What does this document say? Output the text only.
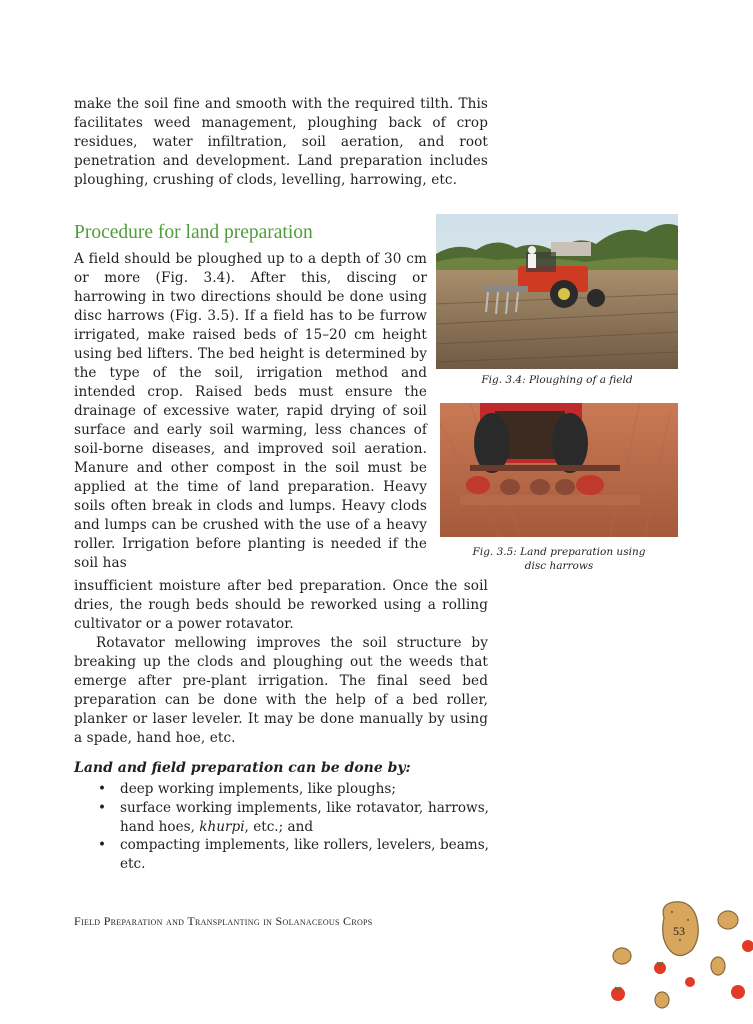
make the soil fine and smooth with the required tilth. This facilitates weed management, ploughing back of crop residues, water infiltration, soil aeration, and root penetration and development. Land preparation includes ploughing, crushing of clods, levelling, harrowing, etc.

Procedure for land preparation

A field should be ploughed up to a depth of 30 cm or more (Fig. 3.4). After this, discing or harrowing in two directions should be done using disc harrows (Fig. 3.5). If a field has to be furrow irrigated, make raised beds of 15–20 cm height using bed lifters. The bed height is determined by the type of the soil, irrigation method and intended crop. Raised beds must ensure the drainage of excessive water, rapid drying of soil surface and early soil warming, less chances of soil-borne diseases, and improved soil aeration. Manure and other compost in the soil must be applied at the time of land preparation. Heavy soils often break in clods and lumps. Heavy clods and lumps can be crushed with the use of a heavy roller. Irrigation before planting is needed if the soil has

insufficient moisture after bed preparation. Once the soil dries, the rough beds should be reworked using a rolling cultivator or a power rotavator.

Rotavator mellowing improves the soil structure by breaking up the clods and ploughing out the weeds that emerge after pre-plant irrigation. The final seed bed preparation can be done with the help of a bed roller, planker or laser leveler. It may be done manually by using a spade, hand hoe, etc.

Land and field preparation can be done by:

• deep working implements, like ploughs;
• surface working implements, like rotavator, harrows, hand hoes, khurpi, etc.; and
• compacting implements, like rollers, levelers, beams, etc.

Fig. 3.4: Ploughing of a field

Fig. 3.5: Land preparation using
disc harrows

Field Preparation and Transplanting in Solanaceous Crops

53
